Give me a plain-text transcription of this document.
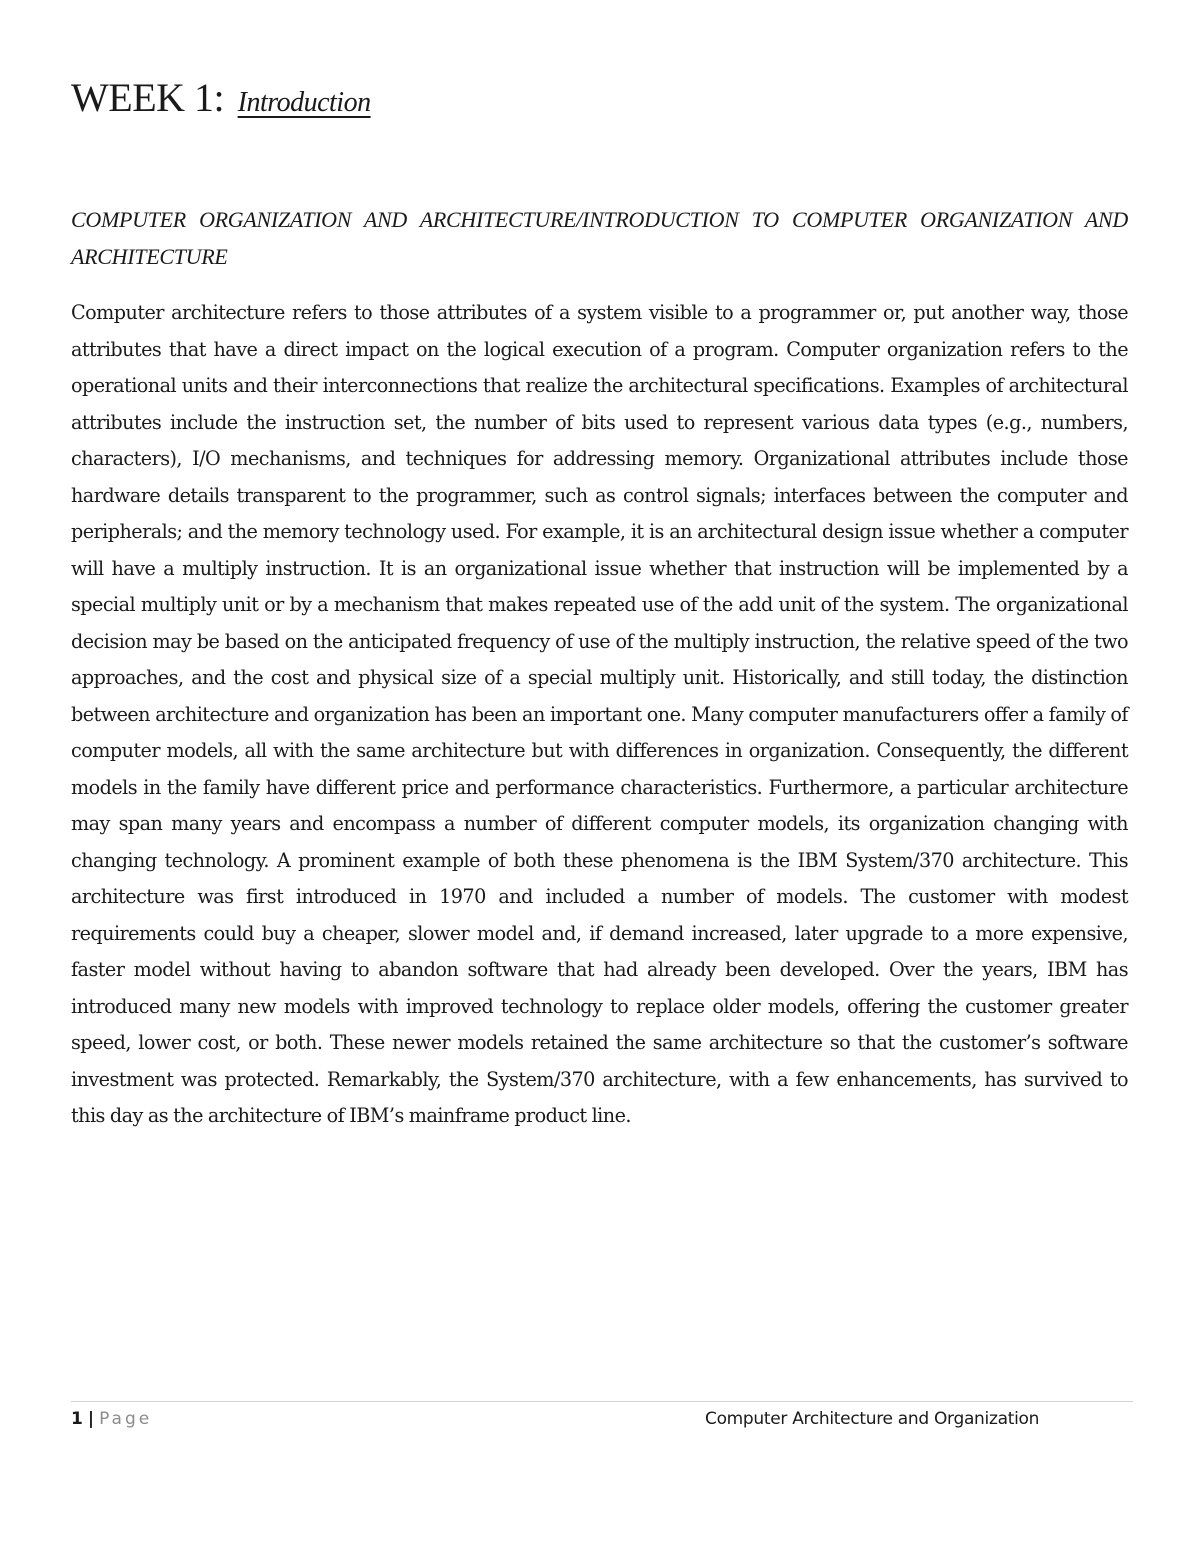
WEEK 1: Introduction
COMPUTER ORGANIZATION AND ARCHITECTURE/INTRODUCTION TO COMPUTER ORGANIZATION AND ARCHITECTURE

Computer architecture refers to those attributes of a system visible to a programmer or, put another way, those attributes that have a direct impact on the logical execution of a program. Computer organization refers to the operational units and their interconnections that realize the architectural specifications. Examples of architectural attributes include the instruction set, the number of bits used to represent various data types (e.g., numbers, characters), I/O mechanisms, and techniques for addressing memory. Organizational attributes include those hardware details transparent to the programmer, such as control signals; interfaces between the computer and peripherals; and the memory technology used. For example, it is an architectural design issue whether a computer will have a multiply instruction. It is an organizational issue whether that instruction will be implemented by a special multiply unit or by a mechanism that makes repeated use of the add unit of the system. The organizational decision may be based on the anticipated frequency of use of the multiply instruction, the relative speed of the two approaches, and the cost and physical size of a special multiply unit. Historically, and still today, the distinction between architecture and organization has been an important one. Many computer manufacturers offer a family of computer models, all with the same architecture but with differences in organization. Consequently, the different models in the family have different price and performance characteristics. Furthermore, a particular architecture may span many years and encompass a number of different computer models, its organization changing with changing technology. A prominent example of both these phenomena is the IBM System/370 architecture. This architecture was first introduced in 1970 and included a number of models. The customer with modest requirements could buy a cheaper, slower model and, if demand increased, later upgrade to a more expensive, faster model without having to abandon software that had already been developed. Over the years, IBM has introduced many new models with improved technology to replace older models, offering the customer greater speed, lower cost, or both. These newer models retained the same architecture so that the customer’s software investment was protected. Remarkably, the System/370 architecture, with a few enhancements, has survived to this day as the architecture of IBM’s mainframe product line.

1 | Page	Computer Architecture and Organization
